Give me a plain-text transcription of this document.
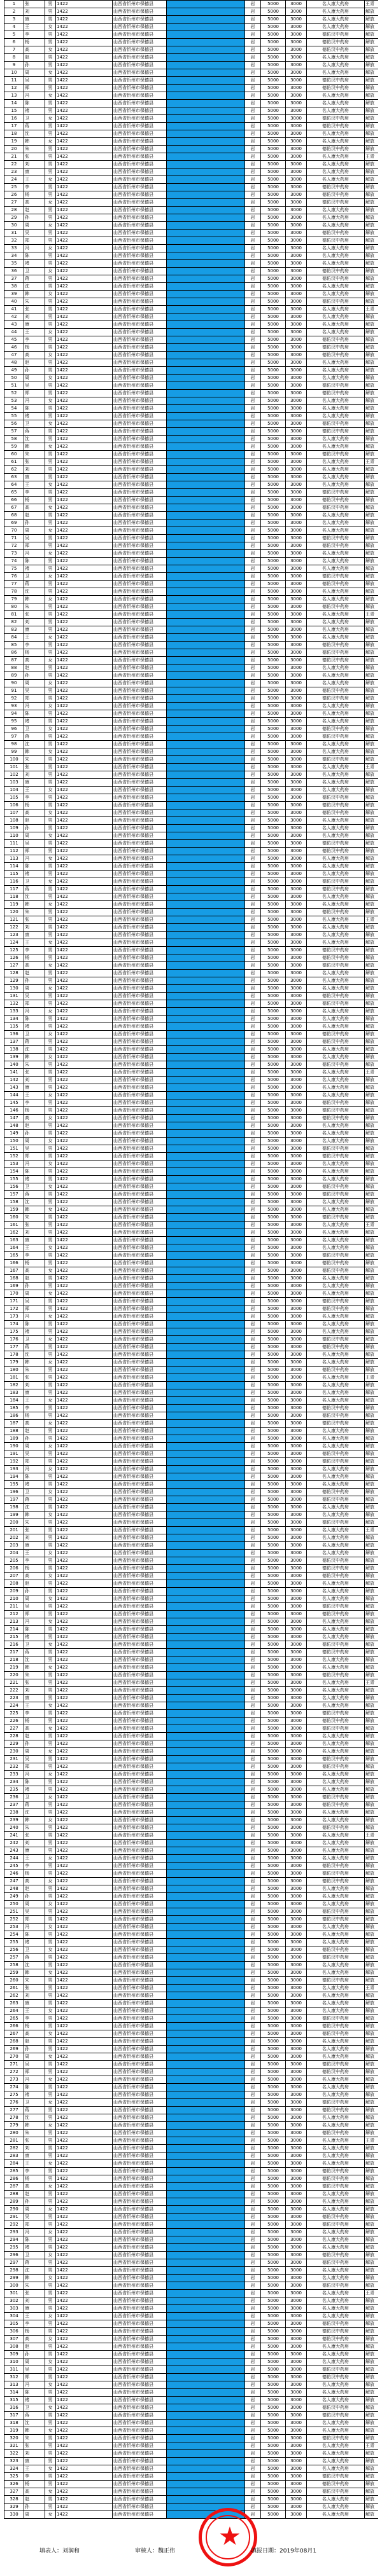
1	张	男	1422	山西省忻州市保德县		岩	5000	3000	名人康大药房	王青
2	刘	男	1422	山西省忻州市保德县		岩	5000	3000	名人康大药房	解放
3	康	男	1422	山西省忻州市保德县		岩	5000	3000	名人康大药房	解放
4	王	女	1422	山西省忻州市保德县		岩	5000	3000	名人康大药房	解放
5	李	男	1422	山西省忻州市保德县		岩	5000	3000	德佑汉中药房	解放
6	杨	男	1422	山西省忻州市保德县		岩	5000	3000	德佑汉中药房	解放
7	高	女	1422	山西省忻州市保德县		岩	5000	3000	德佑汉中药房	解放
8	赵	男	1422	山西省忻州市保德县		岩	5000	3000	名人康大药房	解放
9	孙	男	1422	山西省忻州市保德县		岩	5000	3000	名人康大药房	解放
10	周	女	1422	山西省忻州市保德县		岩	5000	3000	名人康大药房	解放
11	吴	男	1422	山西省忻州市保德县		岩	5000	3000	德佑汉中药房	解放
12	郑	男	1422	山西省忻州市保德县		岩	5000	3000	德佑汉中药房	解放
13	冯	女	1422	山西省忻州市保德县		岩	5000	3000	名人康大药房	解放
14	陈	男	1422	山西省忻州市保德县		岩	5000	3000	名人康大药房	解放
15	褚	男	1422	山西省忻州市保德县		岩	5000	3000	名人康大药房	解放
16	卫	女	1422	山西省忻州市保德县		岩	5000	3000	德佑汉中药房	解放
17	蒋	男	1422	山西省忻州市保德县		岩	5000	3000	德佑汉中药房	解放
18	沈	男	1422	山西省忻州市保德县		岩	5000	3000	名人康大药房	解放
19	韩	女	1422	山西省忻州市保德县		岩	5000	3000	名人康大药房	解放
20	朱	男	1422	山西省忻州市保德县		岩	5000	3000	德佑汉中药房	解放
21	张	男	1422	山西省忻州市保德县		岩	5000	3000	名人康大药房	王青
22	刘	男	1422	山西省忻州市保德县		岩	5000	3000	名人康大药房	解放
23	康	男	1422	山西省忻州市保德县		岩	5000	3000	名人康大药房	解放
24	王	女	1422	山西省忻州市保德县		岩	5000	3000	名人康大药房	解放
25	李	男	1422	山西省忻州市保德县		岩	5000	3000	德佑汉中药房	解放
26	杨	男	1422	山西省忻州市保德县		岩	5000	3000	德佑汉中药房	解放
27	高	女	1422	山西省忻州市保德县		岩	5000	3000	德佑汉中药房	解放
28	赵	男	1422	山西省忻州市保德县		岩	5000	3000	名人康大药房	解放
29	孙	男	1422	山西省忻州市保德县		岩	5000	3000	名人康大药房	解放
30	周	女	1422	山西省忻州市保德县		岩	5000	3000	名人康大药房	解放
31	吴	男	1422	山西省忻州市保德县		岩	5000	3000	德佑汉中药房	解放
32	郑	男	1422	山西省忻州市保德县		岩	5000	3000	德佑汉中药房	解放
33	冯	女	1422	山西省忻州市保德县		岩	5000	3000	名人康大药房	解放
34	陈	男	1422	山西省忻州市保德县		岩	5000	3000	名人康大药房	解放
35	褚	男	1422	山西省忻州市保德县		岩	5000	3000	名人康大药房	解放
36	卫	女	1422	山西省忻州市保德县		岩	5000	3000	德佑汉中药房	解放
37	蒋	男	1422	山西省忻州市保德县		岩	5000	3000	德佑汉中药房	解放
38	沈	男	1422	山西省忻州市保德县		岩	5000	3000	名人康大药房	解放
39	韩	女	1422	山西省忻州市保德县		岩	5000	3000	名人康大药房	解放
40	朱	男	1422	山西省忻州市保德县		岩	5000	3000	德佑汉中药房	解放
41	张	男	1422	山西省忻州市保德县		岩	5000	3000	名人康大药房	王青
42	刘	男	1422	山西省忻州市保德县		岩	5000	3000	名人康大药房	解放
43	康	男	1422	山西省忻州市保德县		岩	5000	3000	名人康大药房	解放
44	王	女	1422	山西省忻州市保德县		岩	5000	3000	名人康大药房	解放
45	李	男	1422	山西省忻州市保德县		岩	5000	3000	德佑汉中药房	解放
46	杨	男	1422	山西省忻州市保德县		岩	5000	3000	德佑汉中药房	解放
47	高	女	1422	山西省忻州市保德县		岩	5000	3000	德佑汉中药房	解放
48	赵	男	1422	山西省忻州市保德县		岩	5000	3000	名人康大药房	解放
49	孙	男	1422	山西省忻州市保德县		岩	5000	3000	名人康大药房	解放
50	周	女	1422	山西省忻州市保德县		岩	5000	3000	名人康大药房	解放
51	吴	男	1422	山西省忻州市保德县		岩	5000	3000	德佑汉中药房	解放
52	郑	男	1422	山西省忻州市保德县		岩	5000	3000	德佑汉中药房	解放
53	冯	女	1422	山西省忻州市保德县		岩	5000	3000	名人康大药房	解放
54	陈	男	1422	山西省忻州市保德县		岩	5000	3000	名人康大药房	解放
55	褚	男	1422	山西省忻州市保德县		岩	5000	3000	名人康大药房	解放
56	卫	女	1422	山西省忻州市保德县		岩	5000	3000	德佑汉中药房	解放
57	蒋	男	1422	山西省忻州市保德县		岩	5000	3000	德佑汉中药房	解放
58	沈	男	1422	山西省忻州市保德县		岩	5000	3000	名人康大药房	解放
59	韩	女	1422	山西省忻州市保德县		岩	5000	3000	名人康大药房	解放
60	朱	男	1422	山西省忻州市保德县		岩	5000	3000	德佑汉中药房	解放
61	张	男	1422	山西省忻州市保德县		岩	5000	3000	名人康大药房	王青
62	刘	男	1422	山西省忻州市保德县		岩	5000	3000	名人康大药房	解放
63	康	男	1422	山西省忻州市保德县		岩	5000	3000	名人康大药房	解放
64	王	女	1422	山西省忻州市保德县		岩	5000	3000	名人康大药房	解放
65	李	男	1422	山西省忻州市保德县		岩	5000	3000	德佑汉中药房	解放
66	杨	男	1422	山西省忻州市保德县		岩	5000	3000	德佑汉中药房	解放
67	高	女	1422	山西省忻州市保德县		岩	5000	3000	德佑汉中药房	解放
68	赵	男	1422	山西省忻州市保德县		岩	5000	3000	名人康大药房	解放
69	孙	男	1422	山西省忻州市保德县		岩	5000	3000	名人康大药房	解放
70	周	女	1422	山西省忻州市保德县		岩	5000	3000	名人康大药房	解放
71	吴	男	1422	山西省忻州市保德县		岩	5000	3000	德佑汉中药房	解放
72	郑	男	1422	山西省忻州市保德县		岩	5000	3000	德佑汉中药房	解放
73	冯	女	1422	山西省忻州市保德县		岩	5000	3000	名人康大药房	解放
74	陈	男	1422	山西省忻州市保德县		岩	5000	3000	名人康大药房	解放
75	褚	男	1422	山西省忻州市保德县		岩	5000	3000	名人康大药房	解放
76	卫	女	1422	山西省忻州市保德县		岩	5000	3000	德佑汉中药房	解放
77	蒋	男	1422	山西省忻州市保德县		岩	5000	3000	德佑汉中药房	解放
78	沈	男	1422	山西省忻州市保德县		岩	5000	3000	名人康大药房	解放
79	韩	女	1422	山西省忻州市保德县		岩	5000	3000	名人康大药房	解放
80	朱	男	1422	山西省忻州市保德县		岩	5000	3000	德佑汉中药房	解放
81	张	男	1422	山西省忻州市保德县		岩	5000	3000	名人康大药房	王青
82	刘	男	1422	山西省忻州市保德县		岩	5000	3000	名人康大药房	解放
83	康	男	1422	山西省忻州市保德县		岩	5000	3000	名人康大药房	解放
84	王	女	1422	山西省忻州市保德县		岩	5000	3000	名人康大药房	解放
85	李	男	1422	山西省忻州市保德县		岩	5000	3000	德佑汉中药房	解放
86	杨	男	1422	山西省忻州市保德县		岩	5000	3000	德佑汉中药房	解放
87	高	女	1422	山西省忻州市保德县		岩	5000	3000	德佑汉中药房	解放
88	赵	男	1422	山西省忻州市保德县		岩	5000	3000	名人康大药房	解放
89	孙	男	1422	山西省忻州市保德县		岩	5000	3000	名人康大药房	解放
90	周	女	1422	山西省忻州市保德县		岩	5000	3000	名人康大药房	解放
91	吴	男	1422	山西省忻州市保德县		岩	5000	3000	德佑汉中药房	解放
92	郑	男	1422	山西省忻州市保德县		岩	5000	3000	德佑汉中药房	解放
93	冯	女	1422	山西省忻州市保德县		岩	5000	3000	名人康大药房	解放
94	陈	男	1422	山西省忻州市保德县		岩	5000	3000	名人康大药房	解放
95	褚	男	1422	山西省忻州市保德县		岩	5000	3000	名人康大药房	解放
96	卫	女	1422	山西省忻州市保德县		岩	5000	3000	德佑汉中药房	解放
97	蒋	男	1422	山西省忻州市保德县		岩	5000	3000	德佑汉中药房	解放
98	沈	男	1422	山西省忻州市保德县		岩	5000	3000	名人康大药房	解放
99	韩	女	1422	山西省忻州市保德县		岩	5000	3000	名人康大药房	解放
100	朱	男	1422	山西省忻州市保德县		岩	5000	3000	德佑汉中药房	解放
101	张	男	1422	山西省忻州市保德县		岩	5000	3000	名人康大药房	王青
102	刘	男	1422	山西省忻州市保德县		岩	5000	3000	名人康大药房	解放
103	康	男	1422	山西省忻州市保德县		岩	5000	3000	名人康大药房	解放
104	王	女	1422	山西省忻州市保德县		岩	5000	3000	名人康大药房	解放
105	李	男	1422	山西省忻州市保德县		岩	5000	3000	德佑汉中药房	解放
106	杨	男	1422	山西省忻州市保德县		岩	5000	3000	德佑汉中药房	解放
107	高	女	1422	山西省忻州市保德县		岩	5000	3000	德佑汉中药房	解放
108	赵	男	1422	山西省忻州市保德县		岩	5000	3000	名人康大药房	解放
109	孙	男	1422	山西省忻州市保德县		岩	5000	3000	名人康大药房	解放
110	周	女	1422	山西省忻州市保德县		岩	5000	3000	名人康大药房	解放
111	吴	男	1422	山西省忻州市保德县		岩	5000	3000	德佑汉中药房	解放
112	郑	男	1422	山西省忻州市保德县		岩	5000	3000	德佑汉中药房	解放
113	冯	女	1422	山西省忻州市保德县		岩	5000	3000	名人康大药房	解放
114	陈	男	1422	山西省忻州市保德县		岩	5000	3000	名人康大药房	解放
115	褚	男	1422	山西省忻州市保德县		岩	5000	3000	名人康大药房	解放
116	卫	女	1422	山西省忻州市保德县		岩	5000	3000	德佑汉中药房	解放
117	蒋	男	1422	山西省忻州市保德县		岩	5000	3000	德佑汉中药房	解放
118	沈	男	1422	山西省忻州市保德县		岩	5000	3000	名人康大药房	解放
119	韩	女	1422	山西省忻州市保德县		岩	5000	3000	名人康大药房	解放
120	朱	男	1422	山西省忻州市保德县		岩	5000	3000	德佑汉中药房	解放
121	张	男	1422	山西省忻州市保德县		岩	5000	3000	名人康大药房	王青
122	刘	男	1422	山西省忻州市保德县		岩	5000	3000	名人康大药房	解放
123	康	男	1422	山西省忻州市保德县		岩	5000	3000	名人康大药房	解放
124	王	女	1422	山西省忻州市保德县		岩	5000	3000	名人康大药房	解放
125	李	男	1422	山西省忻州市保德县		岩	5000	3000	德佑汉中药房	解放
126	杨	男	1422	山西省忻州市保德县		岩	5000	3000	德佑汉中药房	解放
127	高	女	1422	山西省忻州市保德县		岩	5000	3000	德佑汉中药房	解放
128	赵	男	1422	山西省忻州市保德县		岩	5000	3000	名人康大药房	解放
129	孙	男	1422	山西省忻州市保德县		岩	5000	3000	名人康大药房	解放
130	周	女	1422	山西省忻州市保德县		岩	5000	3000	名人康大药房	解放
131	吴	男	1422	山西省忻州市保德县		岩	5000	3000	德佑汉中药房	解放
132	郑	男	1422	山西省忻州市保德县		岩	5000	3000	德佑汉中药房	解放
133	冯	女	1422	山西省忻州市保德县		岩	5000	3000	名人康大药房	解放
134	陈	男	1422	山西省忻州市保德县		岩	5000	3000	名人康大药房	解放
135	褚	男	1422	山西省忻州市保德县		岩	5000	3000	名人康大药房	解放
136	卫	女	1422	山西省忻州市保德县		岩	5000	3000	德佑汉中药房	解放
137	蒋	男	1422	山西省忻州市保德县		岩	5000	3000	德佑汉中药房	解放
138	沈	男	1422	山西省忻州市保德县		岩	5000	3000	名人康大药房	解放
139	韩	女	1422	山西省忻州市保德县		岩	5000	3000	名人康大药房	解放
140	朱	男	1422	山西省忻州市保德县		岩	5000	3000	德佑汉中药房	解放
141	张	男	1422	山西省忻州市保德县		岩	5000	3000	名人康大药房	王青
142	刘	男	1422	山西省忻州市保德县		岩	5000	3000	名人康大药房	解放
143	康	男	1422	山西省忻州市保德县		岩	5000	3000	名人康大药房	解放
144	王	女	1422	山西省忻州市保德县		岩	5000	3000	名人康大药房	解放
145	李	男	1422	山西省忻州市保德县		岩	5000	3000	德佑汉中药房	解放
146	杨	男	1422	山西省忻州市保德县		岩	5000	3000	德佑汉中药房	解放
147	高	女	1422	山西省忻州市保德县		岩	5000	3000	德佑汉中药房	解放
148	赵	男	1422	山西省忻州市保德县		岩	5000	3000	名人康大药房	解放
149	孙	男	1422	山西省忻州市保德县		岩	5000	3000	名人康大药房	解放
150	周	女	1422	山西省忻州市保德县		岩	5000	3000	名人康大药房	解放
151	吴	男	1422	山西省忻州市保德县		岩	5000	3000	德佑汉中药房	解放
152	郑	男	1422	山西省忻州市保德县		岩	5000	3000	德佑汉中药房	解放
153	冯	女	1422	山西省忻州市保德县		岩	5000	3000	名人康大药房	解放
154	陈	男	1422	山西省忻州市保德县		岩	5000	3000	名人康大药房	解放
155	褚	男	1422	山西省忻州市保德县		岩	5000	3000	名人康大药房	解放
156	卫	女	1422	山西省忻州市保德县		岩	5000	3000	德佑汉中药房	解放
157	蒋	男	1422	山西省忻州市保德县		岩	5000	3000	德佑汉中药房	解放
158	沈	男	1422	山西省忻州市保德县		岩	5000	3000	名人康大药房	解放
159	韩	女	1422	山西省忻州市保德县		岩	5000	3000	名人康大药房	解放
160	朱	男	1422	山西省忻州市保德县		岩	5000	3000	德佑汉中药房	解放
161	张	男	1422	山西省忻州市保德县		岩	5000	3000	名人康大药房	王青
162	刘	男	1422	山西省忻州市保德县		岩	5000	3000	名人康大药房	解放
163	康	男	1422	山西省忻州市保德县		岩	5000	3000	名人康大药房	解放
164	王	女	1422	山西省忻州市保德县		岩	5000	3000	名人康大药房	解放
165	李	男	1422	山西省忻州市保德县		岩	5000	3000	德佑汉中药房	解放
166	杨	男	1422	山西省忻州市保德县		岩	5000	3000	德佑汉中药房	解放
167	高	女	1422	山西省忻州市保德县		岩	5000	3000	德佑汉中药房	解放
168	赵	男	1422	山西省忻州市保德县		岩	5000	3000	名人康大药房	解放
169	孙	男	1422	山西省忻州市保德县		岩	5000	3000	名人康大药房	解放
170	周	女	1422	山西省忻州市保德县		岩	5000	3000	名人康大药房	解放
171	吴	男	1422	山西省忻州市保德县		岩	5000	3000	德佑汉中药房	解放
172	郑	男	1422	山西省忻州市保德县		岩	5000	3000	德佑汉中药房	解放
173	冯	女	1422	山西省忻州市保德县		岩	5000	3000	名人康大药房	解放
174	陈	男	1422	山西省忻州市保德县		岩	5000	3000	名人康大药房	解放
175	褚	男	1422	山西省忻州市保德县		岩	5000	3000	名人康大药房	解放
176	卫	女	1422	山西省忻州市保德县		岩	5000	3000	德佑汉中药房	解放
177	蒋	男	1422	山西省忻州市保德县		岩	5000	3000	德佑汉中药房	解放
178	沈	男	1422	山西省忻州市保德县		岩	5000	3000	名人康大药房	解放
179	韩	女	1422	山西省忻州市保德县		岩	5000	3000	名人康大药房	解放
180	朱	男	1422	山西省忻州市保德县		岩	5000	3000	德佑汉中药房	解放
181	张	男	1422	山西省忻州市保德县		岩	5000	3000	名人康大药房	王青
182	刘	男	1422	山西省忻州市保德县		岩	5000	3000	名人康大药房	解放
183	康	男	1422	山西省忻州市保德县		岩	5000	3000	名人康大药房	解放
184	王	女	1422	山西省忻州市保德县		岩	5000	3000	名人康大药房	解放
185	李	男	1422	山西省忻州市保德县		岩	5000	3000	德佑汉中药房	解放
186	杨	男	1422	山西省忻州市保德县		岩	5000	3000	德佑汉中药房	解放
187	高	女	1422	山西省忻州市保德县		岩	5000	3000	德佑汉中药房	解放
188	赵	男	1422	山西省忻州市保德县		岩	5000	3000	名人康大药房	解放
189	孙	男	1422	山西省忻州市保德县		岩	5000	3000	名人康大药房	解放
190	周	女	1422	山西省忻州市保德县		岩	5000	3000	名人康大药房	解放
191	吴	男	1422	山西省忻州市保德县		岩	5000	3000	德佑汉中药房	解放
192	郑	男	1422	山西省忻州市保德县		岩	5000	3000	德佑汉中药房	解放
193	冯	女	1422	山西省忻州市保德县		岩	5000	3000	名人康大药房	解放
194	陈	男	1422	山西省忻州市保德县		岩	5000	3000	名人康大药房	解放
195	褚	男	1422	山西省忻州市保德县		岩	5000	3000	名人康大药房	解放
196	卫	女	1422	山西省忻州市保德县		岩	5000	3000	德佑汉中药房	解放
197	蒋	男	1422	山西省忻州市保德县		岩	5000	3000	德佑汉中药房	解放
198	沈	男	1422	山西省忻州市保德县		岩	5000	3000	名人康大药房	解放
199	韩	女	1422	山西省忻州市保德县		岩	5000	3000	名人康大药房	解放
200	朱	男	1422	山西省忻州市保德县		岩	5000	3000	德佑汉中药房	解放
201	张	男	1422	山西省忻州市保德县		岩	5000	3000	名人康大药房	王青
202	刘	男	1422	山西省忻州市保德县		岩	5000	3000	名人康大药房	解放
203	康	男	1422	山西省忻州市保德县		岩	5000	3000	名人康大药房	解放
204	王	女	1422	山西省忻州市保德县		岩	5000	3000	名人康大药房	解放
205	李	男	1422	山西省忻州市保德县		岩	5000	3000	德佑汉中药房	解放
206	杨	男	1422	山西省忻州市保德县		岩	5000	3000	德佑汉中药房	解放
207	高	女	1422	山西省忻州市保德县		岩	5000	3000	德佑汉中药房	解放
208	赵	男	1422	山西省忻州市保德县		岩	5000	3000	名人康大药房	解放
209	孙	男	1422	山西省忻州市保德县		岩	5000	3000	名人康大药房	解放
210	周	女	1422	山西省忻州市保德县		岩	5000	3000	名人康大药房	解放
211	吴	男	1422	山西省忻州市保德县		岩	5000	3000	德佑汉中药房	解放
212	郑	男	1422	山西省忻州市保德县		岩	5000	3000	德佑汉中药房	解放
213	冯	女	1422	山西省忻州市保德县		岩	5000	3000	名人康大药房	解放
214	陈	男	1422	山西省忻州市保德县		岩	5000	3000	名人康大药房	解放
215	褚	男	1422	山西省忻州市保德县		岩	5000	3000	名人康大药房	解放
216	卫	女	1422	山西省忻州市保德县		岩	5000	3000	德佑汉中药房	解放
217	蒋	男	1422	山西省忻州市保德县		岩	5000	3000	德佑汉中药房	解放
218	沈	男	1422	山西省忻州市保德县		岩	5000	3000	名人康大药房	解放
219	韩	女	1422	山西省忻州市保德县		岩	5000	3000	名人康大药房	解放
220	朱	男	1422	山西省忻州市保德县		岩	5000	3000	德佑汉中药房	解放
221	张	男	1422	山西省忻州市保德县		岩	5000	3000	名人康大药房	王青
222	刘	男	1422	山西省忻州市保德县		岩	5000	3000	名人康大药房	解放
223	康	男	1422	山西省忻州市保德县		岩	5000	3000	名人康大药房	解放
224	王	女	1422	山西省忻州市保德县		岩	5000	3000	名人康大药房	解放
225	李	男	1422	山西省忻州市保德县		岩	5000	3000	德佑汉中药房	解放
226	杨	男	1422	山西省忻州市保德县		岩	5000	3000	德佑汉中药房	解放
227	高	女	1422	山西省忻州市保德县		岩	5000	3000	德佑汉中药房	解放
228	赵	男	1422	山西省忻州市保德县		岩	5000	3000	名人康大药房	解放
229	孙	男	1422	山西省忻州市保德县		岩	5000	3000	名人康大药房	解放
230	周	女	1422	山西省忻州市保德县		岩	5000	3000	名人康大药房	解放
231	吴	男	1422	山西省忻州市保德县		岩	5000	3000	德佑汉中药房	解放
232	郑	男	1422	山西省忻州市保德县		岩	5000	3000	德佑汉中药房	解放
233	冯	女	1422	山西省忻州市保德县		岩	5000	3000	名人康大药房	解放
234	陈	男	1422	山西省忻州市保德县		岩	5000	3000	名人康大药房	解放
235	褚	男	1422	山西省忻州市保德县		岩	5000	3000	名人康大药房	解放
236	卫	女	1422	山西省忻州市保德县		岩	5000	3000	德佑汉中药房	解放
237	蒋	男	1422	山西省忻州市保德县		岩	5000	3000	德佑汉中药房	解放
238	沈	男	1422	山西省忻州市保德县		岩	5000	3000	名人康大药房	解放
239	韩	女	1422	山西省忻州市保德县		岩	5000	3000	名人康大药房	解放
240	朱	男	1422	山西省忻州市保德县		岩	5000	3000	德佑汉中药房	解放
241	张	男	1422	山西省忻州市保德县		岩	5000	3000	名人康大药房	王青
242	刘	男	1422	山西省忻州市保德县		岩	5000	3000	名人康大药房	解放
243	康	男	1422	山西省忻州市保德县		岩	5000	3000	名人康大药房	解放
244	王	女	1422	山西省忻州市保德县		岩	5000	3000	名人康大药房	解放
245	李	男	1422	山西省忻州市保德县		岩	5000	3000	德佑汉中药房	解放
246	杨	男	1422	山西省忻州市保德县		岩	5000	3000	德佑汉中药房	解放
247	高	女	1422	山西省忻州市保德县		岩	5000	3000	德佑汉中药房	解放
248	赵	男	1422	山西省忻州市保德县		岩	5000	3000	名人康大药房	解放
249	孙	男	1422	山西省忻州市保德县		岩	5000	3000	名人康大药房	解放
250	周	女	1422	山西省忻州市保德县		岩	5000	3000	名人康大药房	解放
251	吴	男	1422	山西省忻州市保德县		岩	5000	3000	德佑汉中药房	解放
252	郑	男	1422	山西省忻州市保德县		岩	5000	3000	德佑汉中药房	解放
253	冯	女	1422	山西省忻州市保德县		岩	5000	3000	名人康大药房	解放
254	陈	男	1422	山西省忻州市保德县		岩	5000	3000	名人康大药房	解放
255	褚	男	1422	山西省忻州市保德县		岩	5000	3000	名人康大药房	解放
256	卫	女	1422	山西省忻州市保德县		岩	5000	3000	德佑汉中药房	解放
257	蒋	男	1422	山西省忻州市保德县		岩	5000	3000	德佑汉中药房	解放
258	沈	男	1422	山西省忻州市保德县		岩	5000	3000	名人康大药房	解放
259	韩	女	1422	山西省忻州市保德县		岩	5000	3000	名人康大药房	解放
260	朱	男	1422	山西省忻州市保德县		岩	5000	3000	德佑汉中药房	解放
261	张	男	1422	山西省忻州市保德县		岩	5000	3000	名人康大药房	王青
262	刘	男	1422	山西省忻州市保德县		岩	5000	3000	名人康大药房	解放
263	康	男	1422	山西省忻州市保德县		岩	5000	3000	名人康大药房	解放
264	王	女	1422	山西省忻州市保德县		岩	5000	3000	名人康大药房	解放
265	李	男	1422	山西省忻州市保德县		岩	5000	3000	德佑汉中药房	解放
266	杨	男	1422	山西省忻州市保德县		岩	5000	3000	德佑汉中药房	解放
267	高	女	1422	山西省忻州市保德县		岩	5000	3000	德佑汉中药房	解放
268	赵	男	1422	山西省忻州市保德县		岩	5000	3000	名人康大药房	解放
269	孙	男	1422	山西省忻州市保德县		岩	5000	3000	名人康大药房	解放
270	周	女	1422	山西省忻州市保德县		岩	5000	3000	名人康大药房	解放
271	吴	男	1422	山西省忻州市保德县		岩	5000	3000	德佑汉中药房	解放
272	郑	男	1422	山西省忻州市保德县		岩	5000	3000	德佑汉中药房	解放
273	冯	女	1422	山西省忻州市保德县		岩	5000	3000	名人康大药房	解放
274	陈	男	1422	山西省忻州市保德县		岩	5000	3000	名人康大药房	解放
275	褚	男	1422	山西省忻州市保德县		岩	5000	3000	名人康大药房	解放
276	卫	女	1422	山西省忻州市保德县		岩	5000	3000	德佑汉中药房	解放
277	蒋	男	1422	山西省忻州市保德县		岩	5000	3000	德佑汉中药房	解放
278	沈	男	1422	山西省忻州市保德县		岩	5000	3000	名人康大药房	解放
279	韩	女	1422	山西省忻州市保德县		岩	5000	3000	名人康大药房	解放
280	朱	男	1422	山西省忻州市保德县		岩	5000	3000	德佑汉中药房	解放
281	张	男	1422	山西省忻州市保德县		岩	5000	3000	名人康大药房	王青
282	刘	男	1422	山西省忻州市保德县		岩	5000	3000	名人康大药房	解放
283	康	男	1422	山西省忻州市保德县		岩	5000	3000	名人康大药房	解放
284	王	女	1422	山西省忻州市保德县		岩	5000	3000	名人康大药房	解放
285	李	男	1422	山西省忻州市保德县		岩	5000	3000	德佑汉中药房	解放
286	杨	男	1422	山西省忻州市保德县		岩	5000	3000	德佑汉中药房	解放
287	高	女	1422	山西省忻州市保德县		岩	5000	3000	德佑汉中药房	解放
288	赵	男	1422	山西省忻州市保德县		岩	5000	3000	名人康大药房	解放
289	孙	男	1422	山西省忻州市保德县		岩	5000	3000	名人康大药房	解放
290	周	女	1422	山西省忻州市保德县		岩	5000	3000	名人康大药房	解放
291	吴	男	1422	山西省忻州市保德县		岩	5000	3000	德佑汉中药房	解放
292	郑	男	1422	山西省忻州市保德县		岩	5000	3000	德佑汉中药房	解放
293	冯	女	1422	山西省忻州市保德县		岩	5000	3000	名人康大药房	解放
294	陈	男	1422	山西省忻州市保德县		岩	5000	3000	名人康大药房	解放
295	褚	男	1422	山西省忻州市保德县		岩	5000	3000	名人康大药房	解放
296	卫	女	1422	山西省忻州市保德县		岩	5000	3000	德佑汉中药房	解放
297	蒋	男	1422	山西省忻州市保德县		岩	5000	3000	德佑汉中药房	解放
298	沈	男	1422	山西省忻州市保德县		岩	5000	3000	名人康大药房	解放
299	韩	女	1422	山西省忻州市保德县		岩	5000	3000	名人康大药房	解放
300	朱	男	1422	山西省忻州市保德县		岩	5000	3000	德佑汉中药房	解放
301	张	男	1422	山西省忻州市保德县		岩	5000	3000	名人康大药房	王青
302	刘	男	1422	山西省忻州市保德县		岩	5000	3000	名人康大药房	解放
303	康	男	1422	山西省忻州市保德县		岩	5000	3000	名人康大药房	解放
304	王	女	1422	山西省忻州市保德县		岩	5000	3000	名人康大药房	解放
305	李	男	1422	山西省忻州市保德县		岩	5000	3000	德佑汉中药房	解放
306	杨	男	1422	山西省忻州市保德县		岩	5000	3000	德佑汉中药房	解放
307	高	女	1422	山西省忻州市保德县		岩	5000	3000	德佑汉中药房	解放
308	赵	男	1422	山西省忻州市保德县		岩	5000	3000	名人康大药房	解放
309	孙	男	1422	山西省忻州市保德县		岩	5000	3000	名人康大药房	解放
310	周	女	1422	山西省忻州市保德县		岩	5000	3000	名人康大药房	解放
311	吴	男	1422	山西省忻州市保德县		岩	5000	3000	德佑汉中药房	解放
312	郑	男	1422	山西省忻州市保德县		岩	5000	3000	德佑汉中药房	解放
313	冯	女	1422	山西省忻州市保德县		岩	5000	3000	名人康大药房	解放
314	陈	男	1422	山西省忻州市保德县		岩	5000	3000	名人康大药房	解放
315	褚	男	1422	山西省忻州市保德县		岩	5000	3000	名人康大药房	解放
316	卫	女	1422	山西省忻州市保德县		岩	5000	3000	德佑汉中药房	解放
317	蒋	男	1422	山西省忻州市保德县		岩	5000	3000	德佑汉中药房	解放
318	沈	男	1422	山西省忻州市保德县		岩	5000	3000	名人康大药房	解放
319	韩	女	1422	山西省忻州市保德县		岩	5000	3000	名人康大药房	解放
320	朱	男	1422	山西省忻州市保德县		岩	5000	3000	德佑汉中药房	解放
321	张	男	1422	山西省忻州市保德县		岩	5000	3000	名人康大药房	王青
322	刘	男	1422	山西省忻州市保德县		岩	5000	3000	名人康大药房	解放
323	康	男	1422	山西省忻州市保德县		岩	5000	3000	名人康大药房	解放
324	王	女	1422	山西省忻州市保德县		岩	5000	3000	名人康大药房	解放
325	李	男	1422	山西省忻州市保德县		岩	5000	3000	德佑汉中药房	解放
326	杨	男	1422	山西省忻州市保德县		岩	5000	3000	德佑汉中药房	解放
327	高	女	1422	山西省忻州市保德县		岩	5000	3000	德佑汉中药房	解放
328	赵	男	1422	山西省忻州市保德县		岩	5000	3000	名人康大药房	解放
329	孙	男	1422	山西省忻州市保德县		岩	5000	3000	名人康大药房	解放
330	周	女	1422	山西省忻州市保德县		岩	5000	3000	名人康大药房	解放
★
填表人：刘润和	审核人：魏正伟	填报日期：2019年08月1
